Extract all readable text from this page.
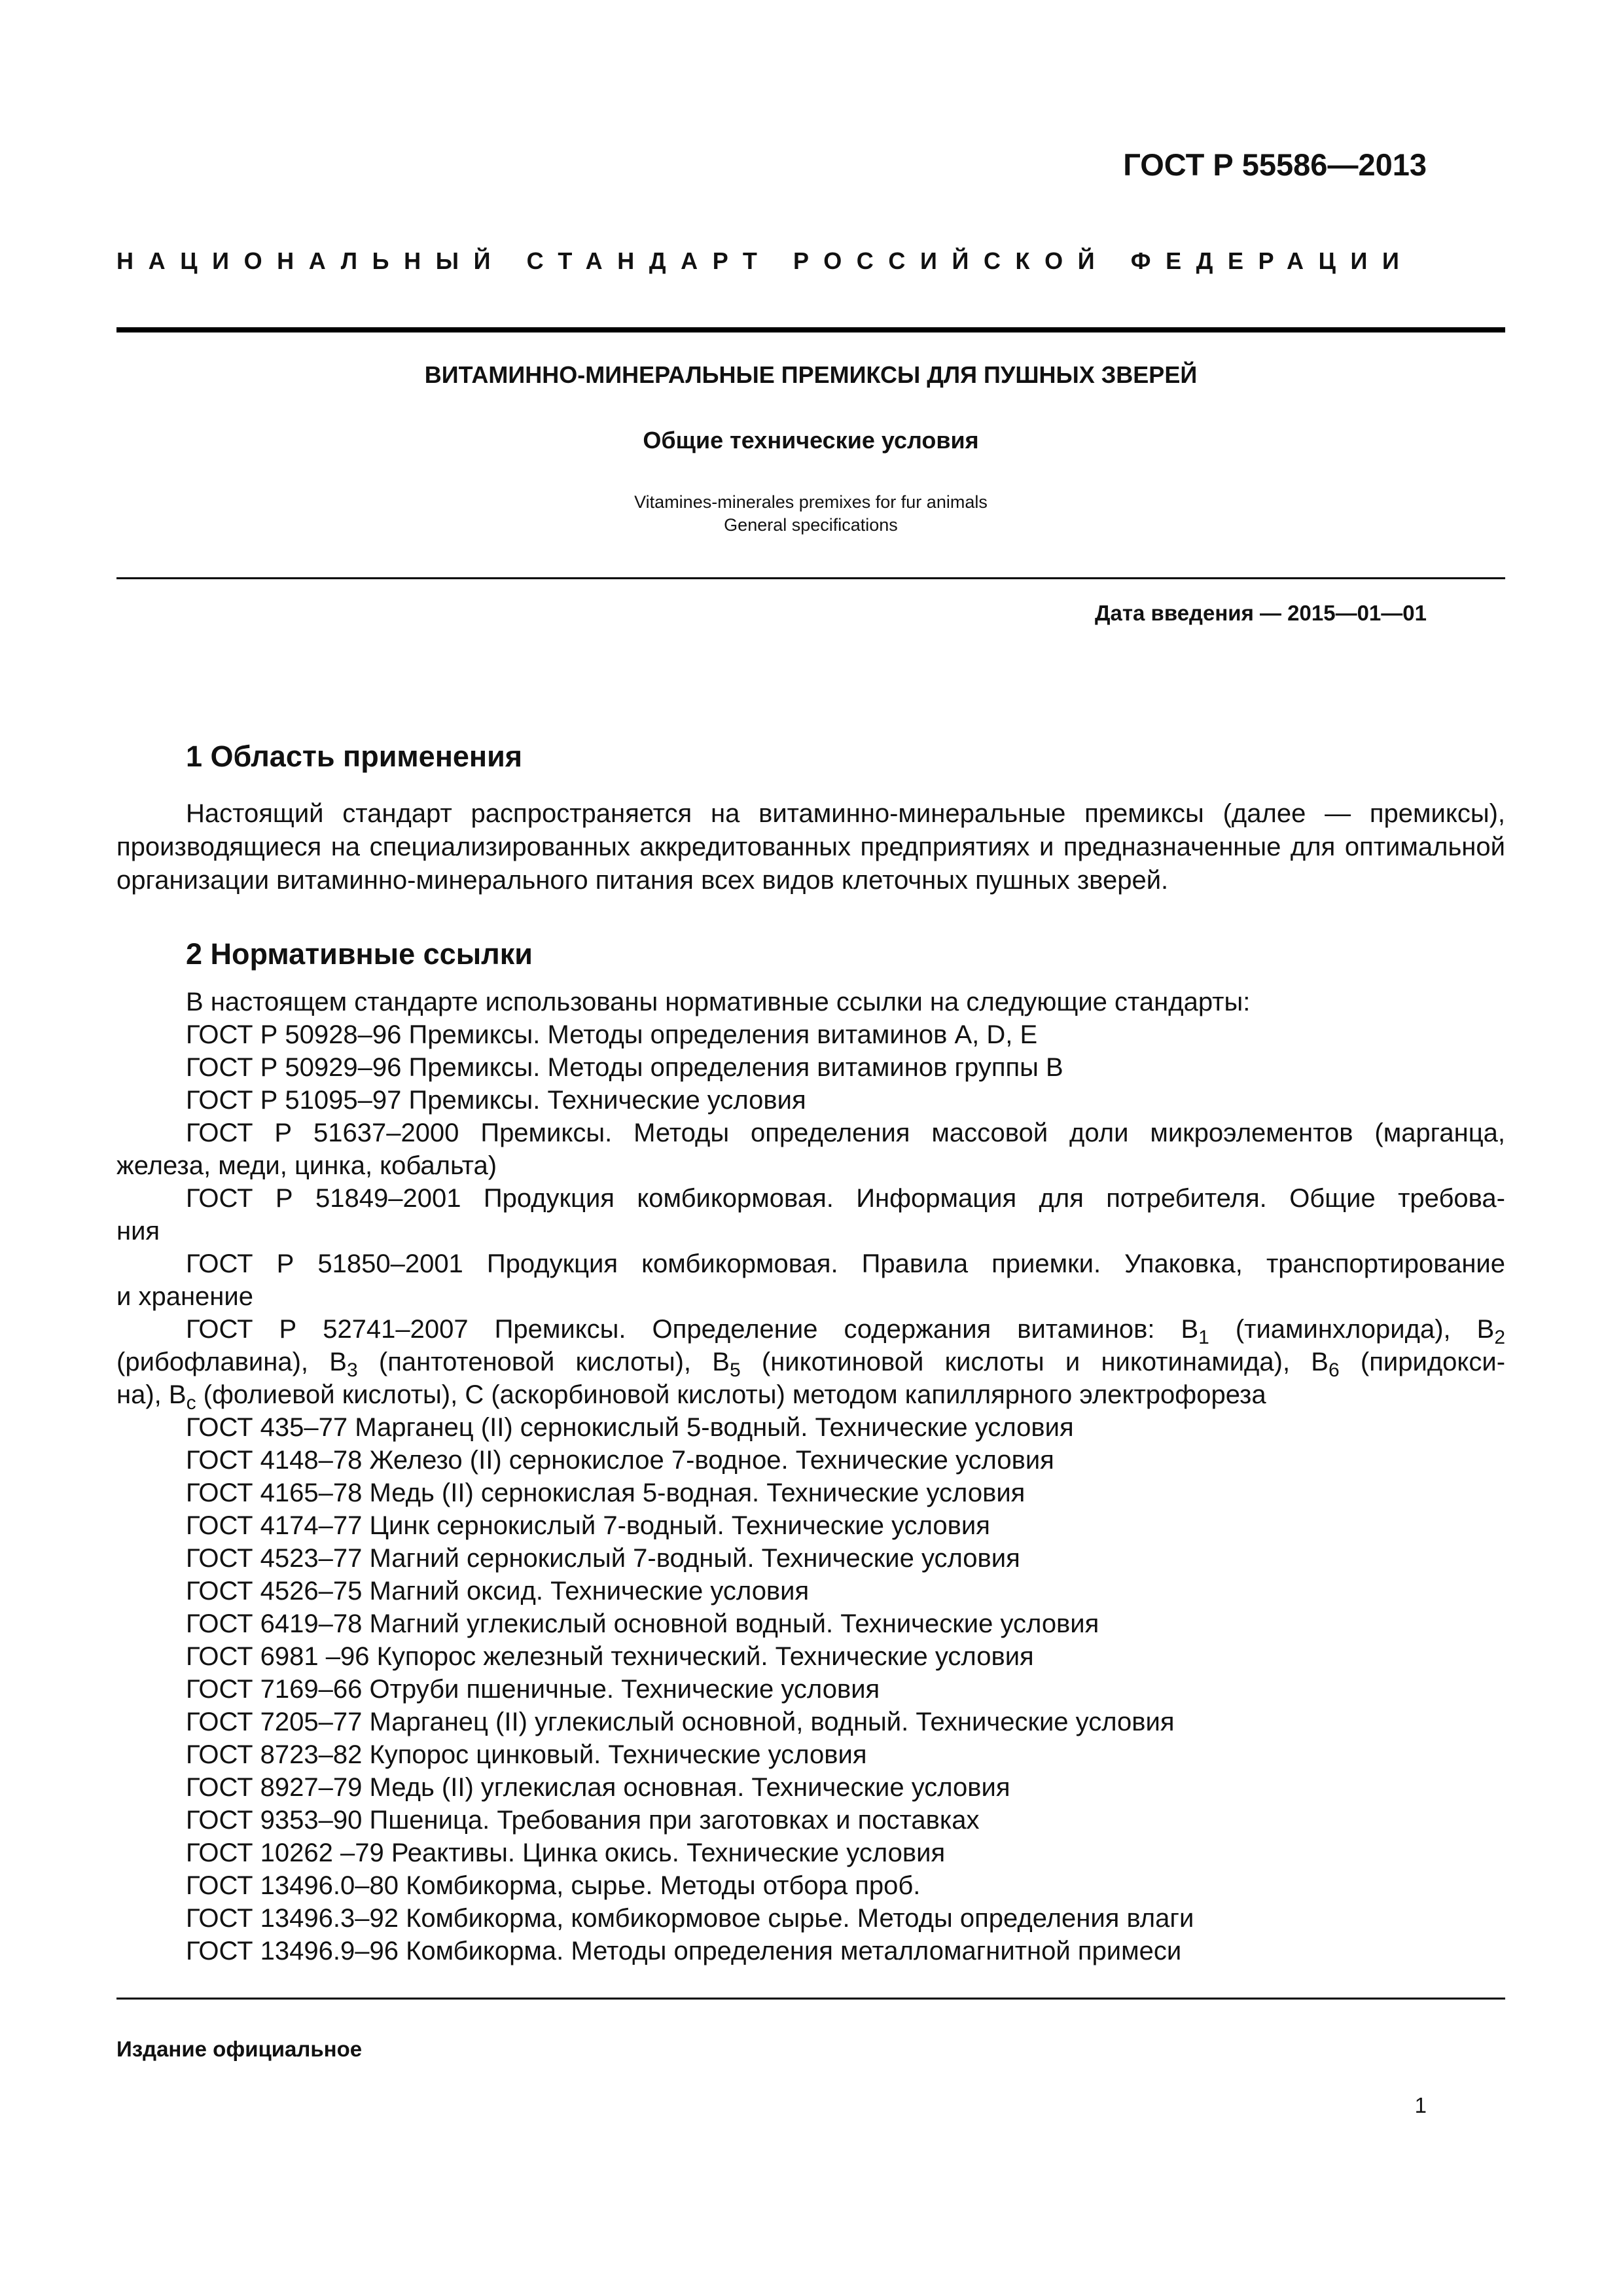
ГОСТ Р 55586—2013
НАЦИОНАЛЬНЫЙ СТАНДАРТ РОССИЙСКОЙ ФЕДЕРАЦИИ
ВИТАМИННО-МИНЕРАЛЬНЫЕ ПРЕМИКСЫ ДЛЯ ПУШНЫХ ЗВЕРЕЙ
Общие технические условия
Vitamines-minerales premixes for fur animals
General specifications
Дата введения — 2015—01—01
1 Область применения
Настоящий стандарт распространяется на витаминно-минеральные премиксы (далее — премиксы), производящиеся на специализированных аккредитованных предприятиях и предназначенные для оптимальной организации витаминно-минерального питания всех видов клеточных пушных зверей.
2 Нормативные ссылки
В настоящем стандарте использованы нормативные ссылки на следующие стандарты:
ГОСТ Р 50928–96 Премиксы. Методы определения витаминов А, D, Е
ГОСТ Р 50929–96 Премиксы. Методы определения витаминов группы В
ГОСТ Р 51095–97 Премиксы. Технические условия
ГОСТ Р 51637–2000 Премиксы. Методы определения массовой доли микроэлементов (марганца,
железа, меди, цинка, кобальта)
ГОСТ Р 51849–2001 Продукция комбикормовая. Информация для потребителя. Общие требова-
ния
ГОСТ Р 51850–2001 Продукция комбикормовая. Правила приемки. Упаковка, транспортирование
и хранение
ГОСТ Р 52741–2007 Премиксы. Определение содержания витаминов: $В_1$ (тиаминхлорида), $В_2$
(рибофлавина), $В_3$ (пантотеновой кислоты), $В_5$ (никотиновой кислоты и никотинамида), $В_6$ (пиридокси-
на), $В_с$ (фолиевой кислоты), С (аскорбиновой кислоты) методом капиллярного электрофореза
ГОСТ 435–77 Марганец (II) сернокислый 5-водный. Технические условия
ГОСТ 4148–78 Железо (II) сернокислое 7-водное. Технические условия
ГОСТ 4165–78 Медь (II) сернокислая 5-водная. Технические условия
ГОСТ 4174–77 Цинк сернокислый 7-водный. Технические условия
ГОСТ 4523–77 Магний сернокислый 7-водный. Технические условия
ГОСТ 4526–75 Магний оксид. Технические условия
ГОСТ 6419–78 Магний углекислый основной водный. Технические условия
ГОСТ 6981 –96 Купорос железный технический. Технические условия
ГОСТ 7169–66 Отруби пшеничные. Технические условия
ГОСТ 7205–77 Марганец (II) углекислый основной, водный. Технические условия
ГОСТ 8723–82 Купорос цинковый. Технические условия
ГОСТ 8927–79 Медь (II) углекислая основная. Технические условия
ГОСТ 9353–90 Пшеница. Требования при заготовках и поставках
ГОСТ 10262 –79 Реактивы. Цинка окись. Технические условия
ГОСТ 13496.0–80 Комбикорма, сырье. Методы отбора проб.
ГОСТ 13496.3–92 Комбикорма, комбикормовое сырье. Методы определения влаги
ГОСТ 13496.9–96 Комбикорма. Методы определения металломагнитной примеси
Издание официальное
1
